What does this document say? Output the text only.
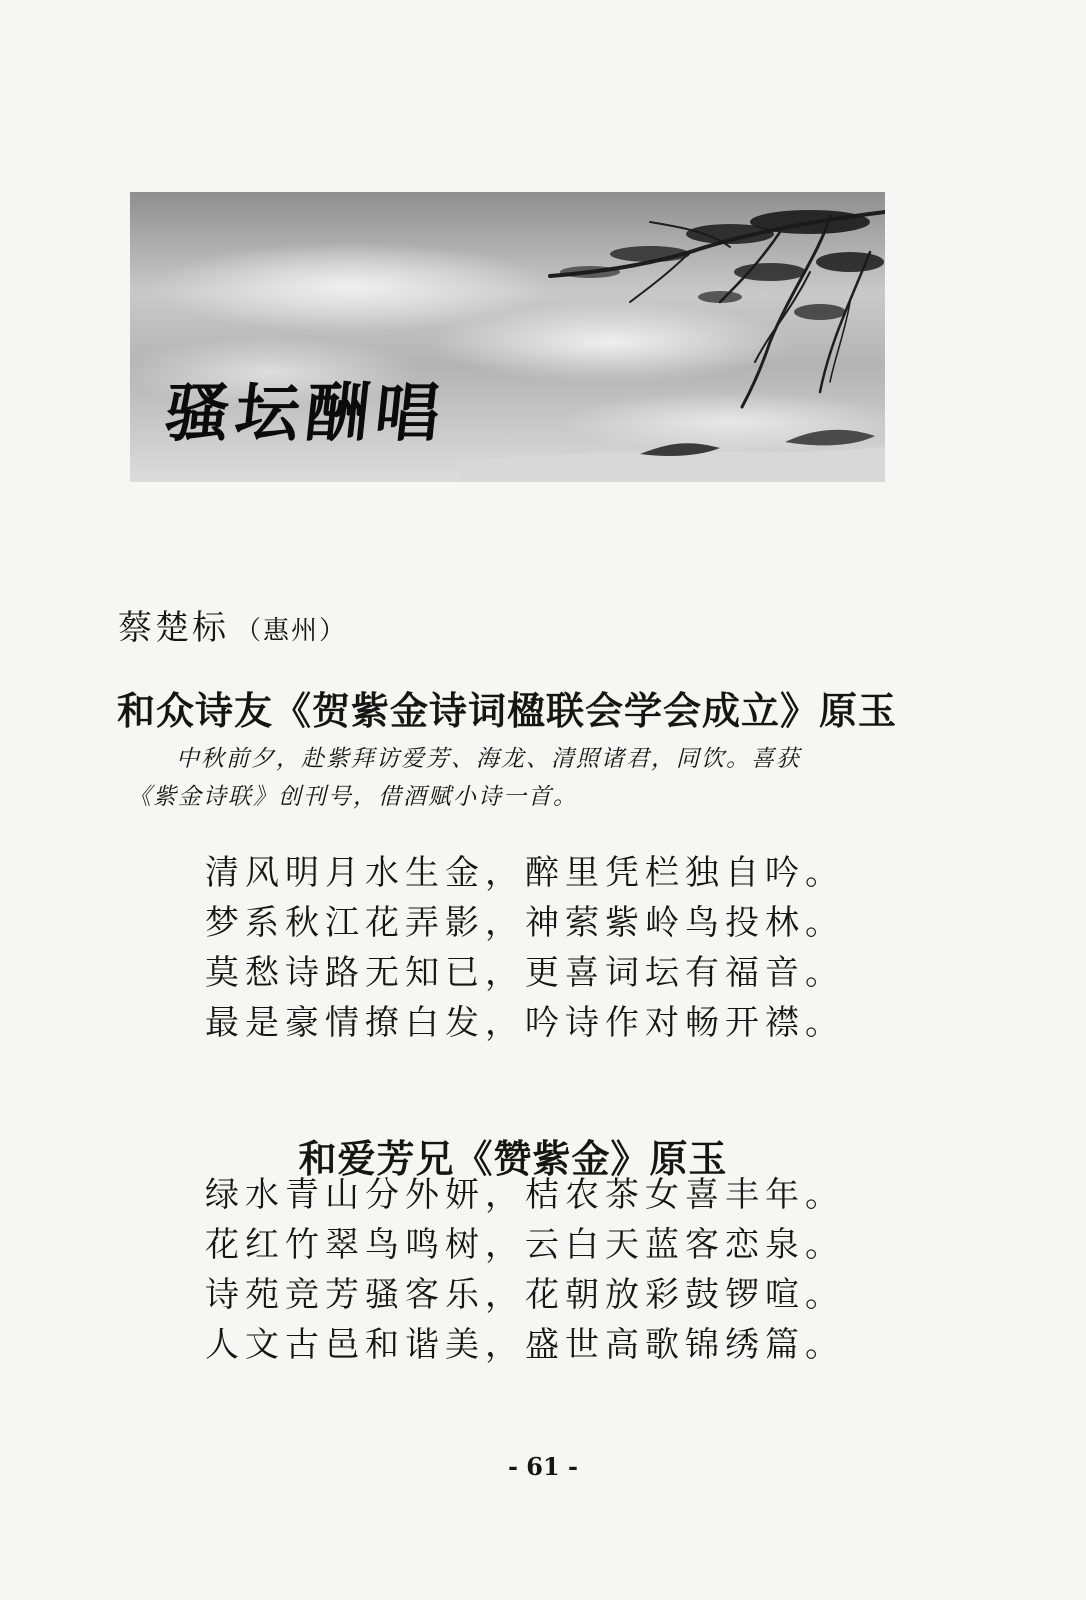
骚坛酬唱
蔡楚标 （惠州）
和众诗友《贺紫金诗词楹联会学会成立》原玉
中秋前夕，赴紫拜访爱芳、海龙、清照诸君，同饮。喜获
《紫金诗联》创刊号，借酒赋小诗一首。
清风明月水生金，醉里凭栏独自吟。
梦系秋江花弄影，神萦紫岭鸟投林。
莫愁诗路无知已，更喜词坛有福音。
最是豪情撩白发，吟诗作对畅开襟。
和爱芳兄《赞紫金》原玉
绿水青山分外妍，桔农茶女喜丰年。
花红竹翠鸟鸣树，云白天蓝客恋泉。
诗苑竞芳骚客乐，花朝放彩鼓锣喧。
人文古邑和谐美，盛世高歌锦绣篇。
- 61 -
